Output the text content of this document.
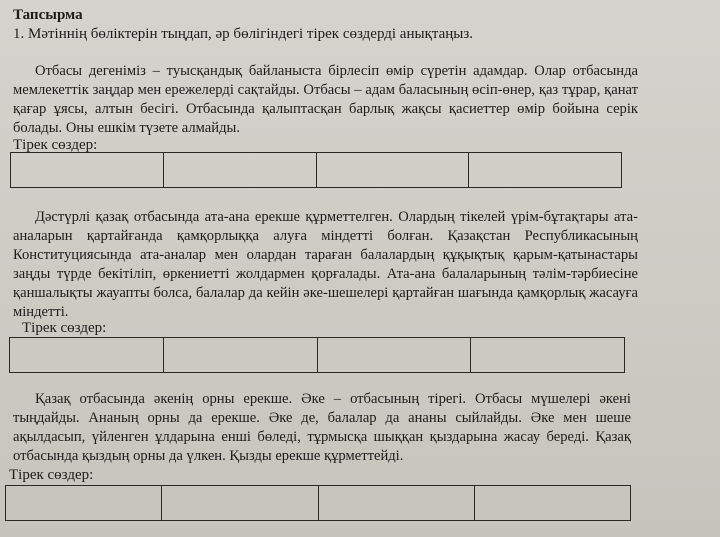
Тапсырма
1. Мәтіннің бөліктерін тыңдап, әр бөлігіндегі тірек сөздерді анықтаңыз.
Отбасы дегеніміз – туысқандық байланыста бірлесіп өмір сүретін адамдар. Олар отбасында мемлекеттік заңдар мен ережелерді сақтайды. Отбасы – адам баласының өсіп-өнер, қаз тұрар, қанат қағар ұясы, алтын бесігі. Отбасында қалыптасқан барлық жақсы қасиеттер өмір бойына серік болады. Оны ешкім түзете алмайды.
Тірек сөздер:
Дәстүрлі қазақ отбасында ата-ана ерекше құрметтелген. Олардың тікелей үрім-бұтақтары ата-аналарын қартайғанда қамқорлыққа алуға міндетті болған. Қазақстан Республикасының Конституциясында ата-аналар мен олардан тараған балалардың құқықтық қарым-қатынастары заңды түрде бекітіліп, өркениетті жолдармен қорғалады. Ата-ана балаларының тәлім-тәрбиесіне қаншалықты жауапты болса, балалар да кейін әке-шешелері қартайған шағында қамқорлық жасауға міндетті.
Тірек сөздер:
Қазақ отбасында әкенің орны ерекше. Әке – отбасының тірегі. Отбасы мүшелері әкені тыңдайды. Ананың орны да ерекше. Әке де, балалар да ананы сыйлайды. Әке мен шеше ақылдасып, үйленген ұлдарына енші бөледі, тұрмысқа шыққан қыздарына жасау береді. Қазақ отбасында қыздың орны да үлкен. Қызды ерекше құрметтейді.
Тірек сөздер:
